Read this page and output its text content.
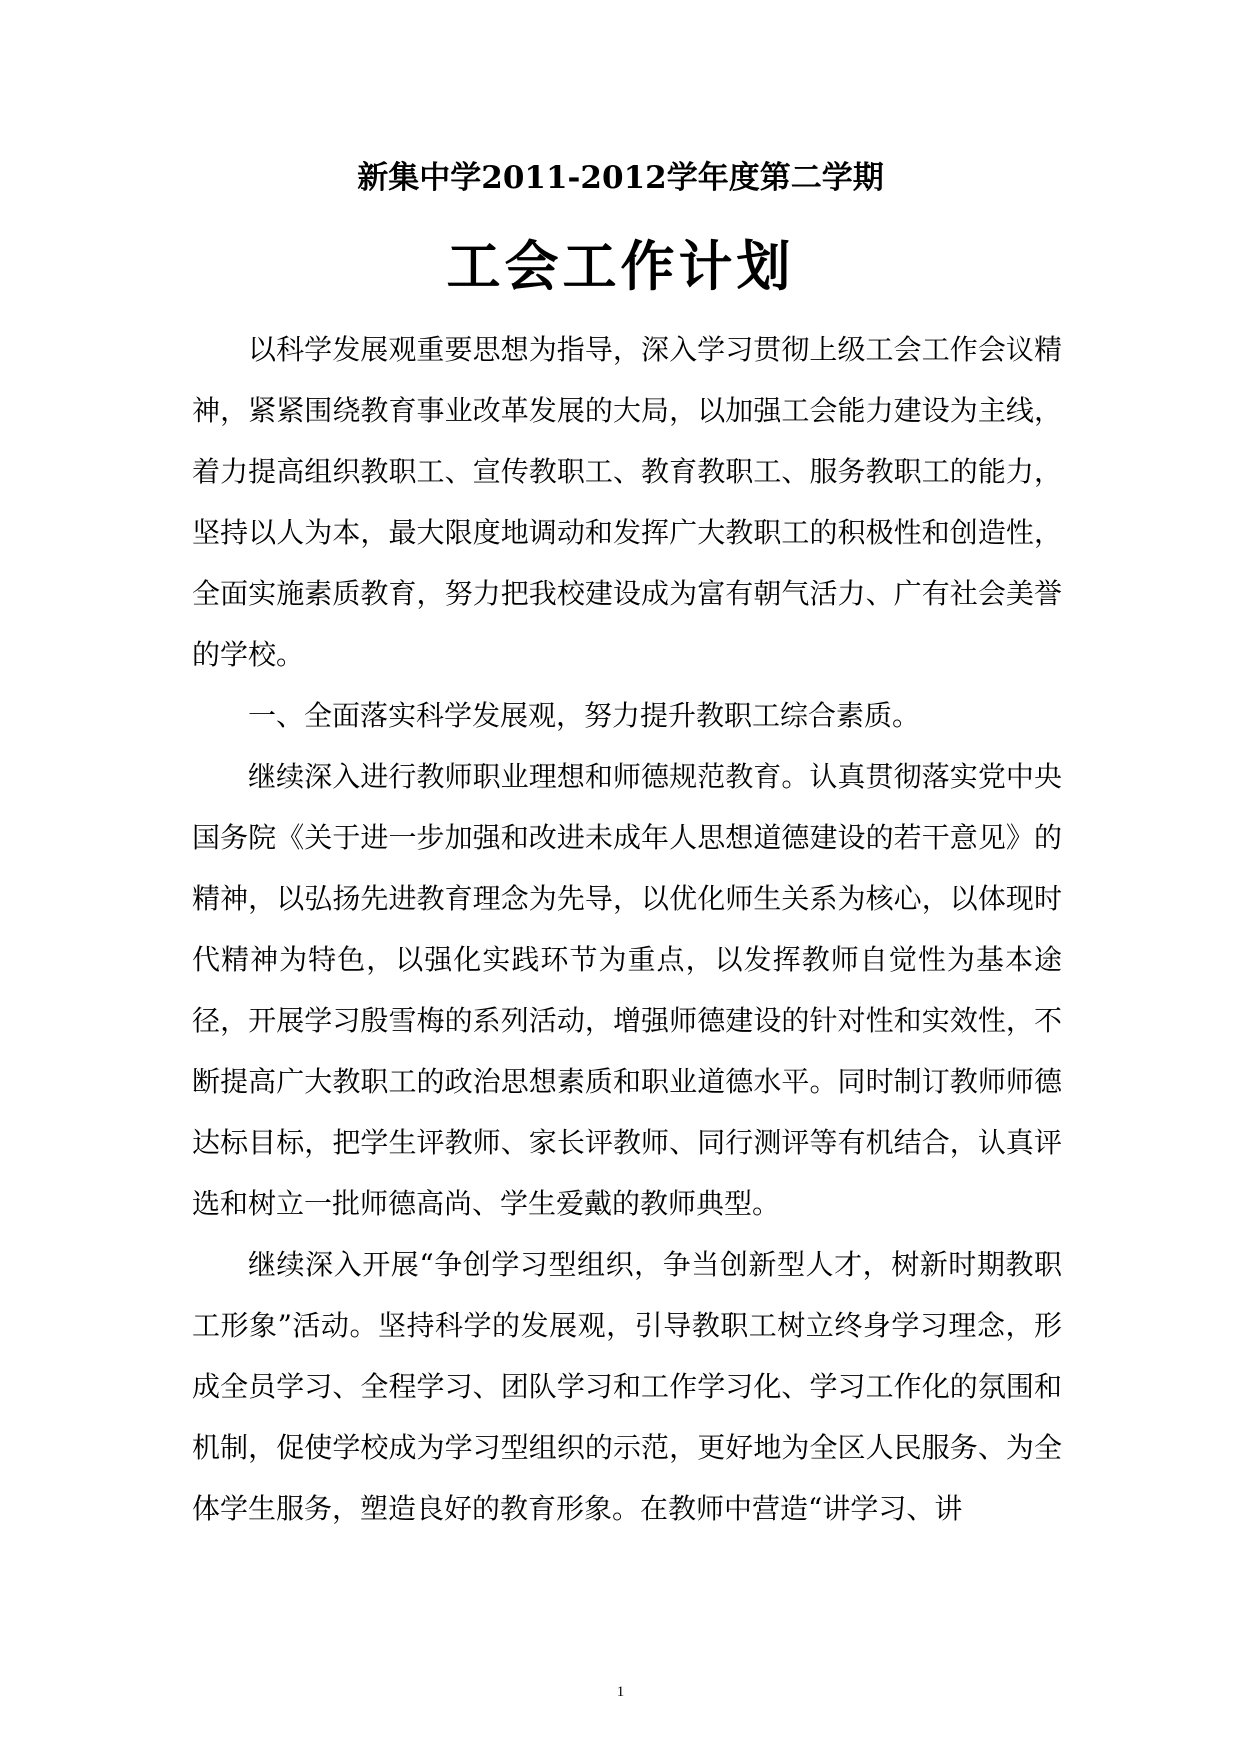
新集中学2011-2012学年度第二学期
工会工作计划

以科学发展观重要思想为指导，深入学习贯彻上级工会工作会议精神，紧紧围绕教育事业改革发展的大局，以加强工会能力建设为主线，着力提高组织教职工、宣传教职工、教育教职工、服务教职工的能力，坚持以人为本，最大限度地调动和发挥广大教职工的积极性和创造性，全面实施素质教育，努力把我校建设成为富有朝气活力、广有社会美誉的学校。

一、全面落实科学发展观，努力提升教职工综合素质。

继续深入进行教师职业理想和师德规范教育。认真贯彻落实党中央国务院《关于进一步加强和改进未成年人思想道德建设的若干意见》的精神，以弘扬先进教育理念为先导，以优化师生关系为核心，以体现时代精神为特色，以强化实践环节为重点，以发挥教师自觉性为基本途径，开展学习殷雪梅的系列活动，增强师德建设的针对性和实效性，不断提高广大教职工的政治思想素质和职业道德水平。同时制订教师师德达标目标，把学生评教师、家长评教师、同行测评等有机结合，认真评选和树立一批师德高尚、学生爱戴的教师典型。

继续深入开展“争创学习型组织，争当创新型人才，树新时期教职工形象”活动。坚持科学的发展观，引导教职工树立终身学习理念，形成全员学习、全程学习、团队学习和工作学习化、学习工作化的氛围和机制，促使学校成为学习型组织的示范，更好地为全区人民服务、为全体学生服务，塑造良好的教育形象。在教师中营造“讲学习、讲

1
